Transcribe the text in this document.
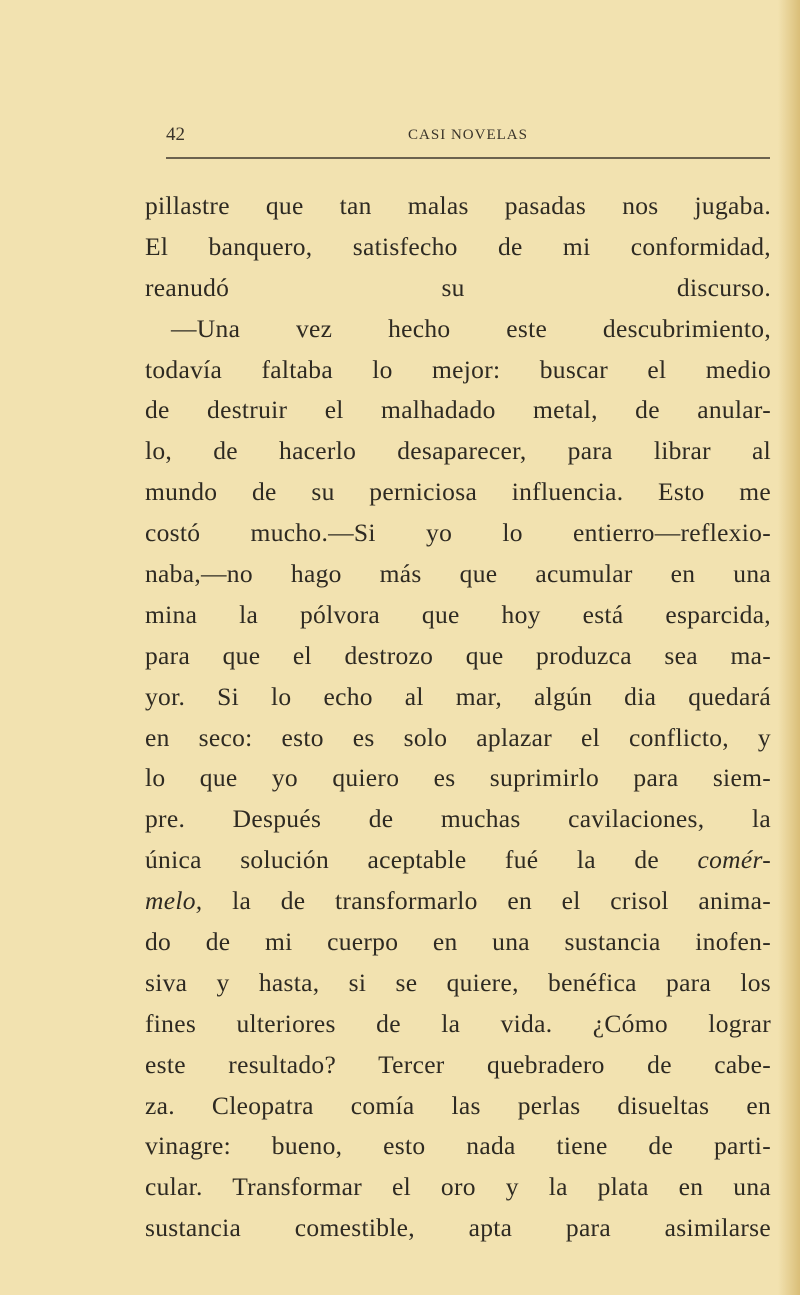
42	CASI NOVELAS
pillastre que tan malas pasadas nos jugaba.
El banquero, satisfecho de mi conformidad,
reanudó su discurso.
—Una vez hecho este descubrimiento,
todavía faltaba lo mejor: buscar el medio
de destruir el malhadado metal, de anular-
lo, de hacerlo desaparecer, para librar al
mundo de su perniciosa influencia. Esto me
costó mucho.—Si yo lo entierro—reflexio-
naba,—no hago más que acumular en una
mina la pólvora que hoy está esparcida,
para que el destrozo que produzca sea ma-
yor. Si lo echo al mar, algún dia quedará
en seco: esto es solo aplazar el conflicto, y
lo que yo quiero es suprimirlo para siem-
pre. Después de muchas cavilaciones, la
única solución aceptable fué la de comér-
melo, la de transformarlo en el crisol anima-
do de mi cuerpo en una sustancia inofen-
siva y hasta, si se quiere, benéfica para los
fines ulteriores de la vida. ¿Cómo lograr
este resultado? Tercer quebradero de cabe-
za. Cleopatra comía las perlas disueltas en
vinagre: bueno, esto nada tiene de parti-
cular. Transformar el oro y la plata en una
sustancia comestible, apta para asimilarse
